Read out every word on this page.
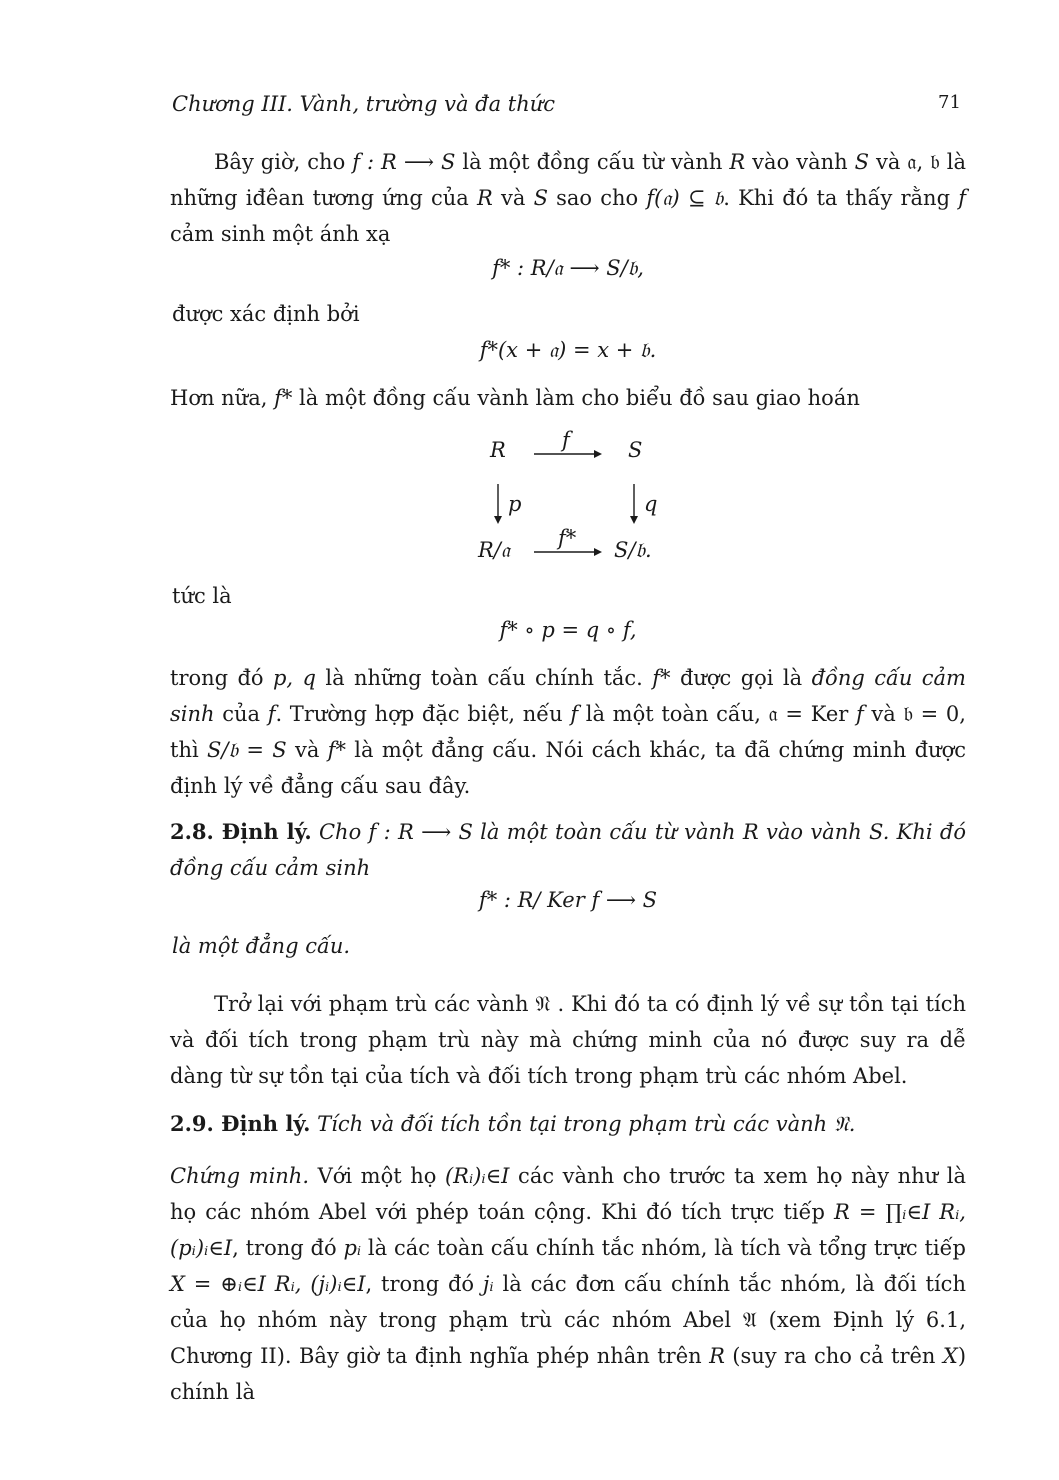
Chương III. Vành, trường và đa thức	71

Bây giờ, cho f : R ⟶ S là một đồng cấu từ vành R vào vành S và 𝔞, 𝔟 là những iđêan tương ứng của R và S sao cho f(𝔞) ⊆ 𝔟. Khi đó ta thấy rằng f cảm sinh một ánh xạ

f* : R/𝔞 ⟶ S/𝔟,

được xác định bởi

f*(x + 𝔞) = x + 𝔟.

Hơn nữa, f* là một đồng cấu vành làm cho biểu đồ sau giao hoán

R	f	S
p	q
R/𝔞 f* S/𝔟.

tức là

f* ∘ p = q ∘ f,

trong đó p, q là những toàn cấu chính tắc. f* được gọi là đồng cấu cảm sinh của f. Trường hợp đặc biệt, nếu f là một toàn cấu, 𝔞 = Ker f và 𝔟 = 0, thì S/𝔟 = S và f* là một đẳng cấu. Nói cách khác, ta đã chứng minh được định lý về đẳng cấu sau đây.

2.8. Định lý. Cho f : R ⟶ S là một toàn cấu từ vành R vào vành S. Khi đó đồng cấu cảm sinh

f* : R/ Ker f ⟶ S

là một đẳng cấu.

Trở lại với phạm trù các vành 𝔑 . Khi đó ta có định lý về sự tồn tại tích và đối tích trong phạm trù này mà chứng minh của nó được suy ra dễ dàng từ sự tồn tại của tích và đối tích trong phạm trù các nhóm Abel.

2.9. Định lý. Tích và đối tích tồn tại trong phạm trù các vành 𝔑.

Chứng minh. Với một họ (Rᵢ)ᵢ∈I các vành cho trước ta xem họ này như là họ các nhóm Abel với phép toán cộng. Khi đó tích trực tiếp R = ∏ᵢ∈I Rᵢ, (pᵢ)ᵢ∈I, trong đó pᵢ là các toàn cấu chính tắc nhóm, là tích và tổng trực tiếp X = ⊕ᵢ∈I Rᵢ, (jᵢ)ᵢ∈I, trong đó jᵢ là các đơn cấu chính tắc nhóm, là đối tích của họ nhóm này trong phạm trù các nhóm Abel 𝔄 (xem Định lý 6.1, Chương II). Bây giờ ta định nghĩa phép nhân trên R (suy ra cho cả trên X) chính là
